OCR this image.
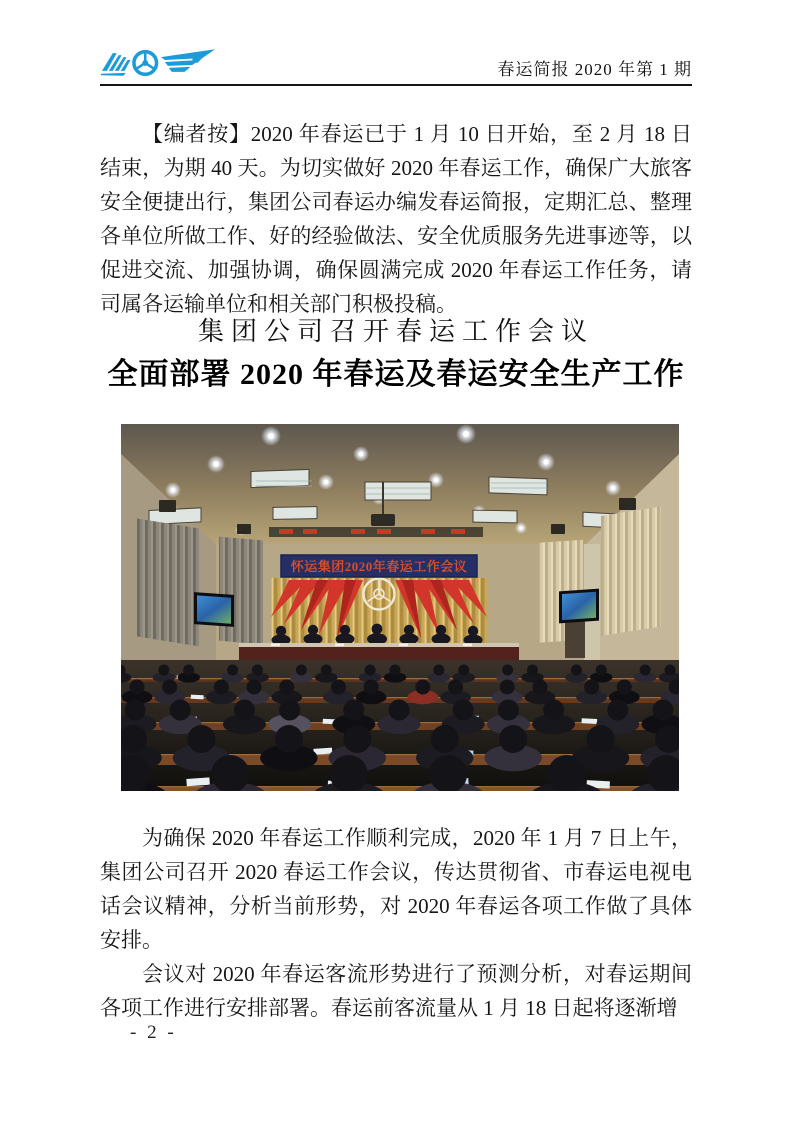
春运简报 2020 年第 1 期

【编者按】2020 年春运已于 1 月 10 日开始，至 2 月 18 日结束，为期 40 天。为切实做好 2020 年春运工作，确保广大旅客安全便捷出行，集团公司春运办编发春运简报，定期汇总、整理各单位所做工作、好的经验做法、安全优质服务先进事迹等，以促进交流、加强协调，确保圆满完成 2020 年春运工作任务，请司属各运输单位和相关部门积极投稿。

集团公司召开春运工作会议
全面部署 2020 年春运及春运安全生产工作
怀运集团2020年春运工作会议

为确保 2020 年春运工作顺利完成，2020 年 1 月 7 日上午，集团公司召开 2020 春运工作会议，传达贯彻省、市春运电视电话会议精神，分析当前形势，对 2020 年春运各项工作做了具体安排。

会议对 2020 年春运客流形势进行了预测分析，对春运期间各项工作进行安排部署。春运前客流量从 1 月 18 日起将逐渐增

- 2 -
